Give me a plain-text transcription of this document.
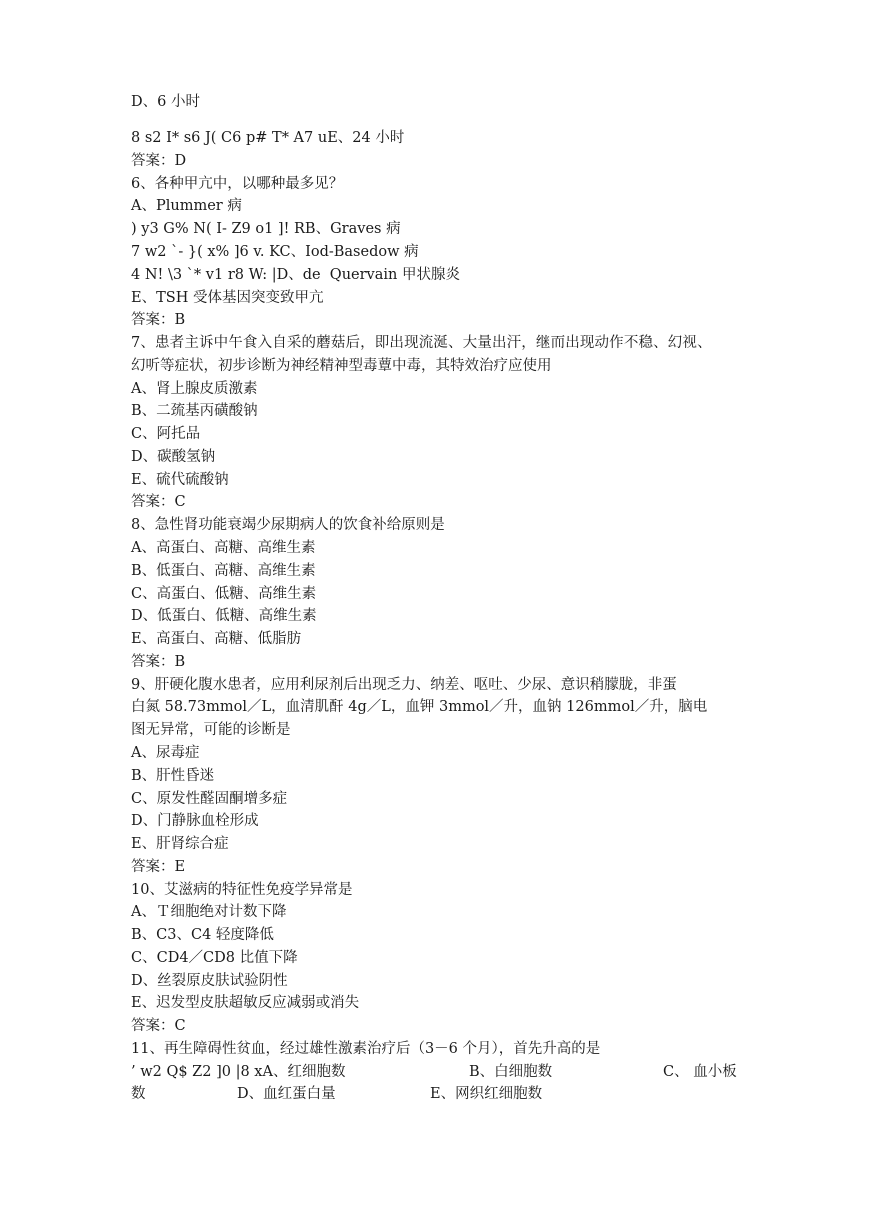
D、6 小时
8 s2 I* s6 J( C6 p# T* A7 uE、24 小时
答案：D
6、各种甲亢中，以哪种最多见？
A、Plummer 病
) y3 G% N( I- Z9 o1 ]! RB、Graves 病
7 w2 `- }( x% ]6 v. KC、Iod-Basedow 病
4 N! \3 `* v1 r8 W: |D、de  Quervain 甲状腺炎
E、TSH 受体基因突变致甲亢
答案：B
7、患者主诉中午食入自采的蘑菇后，即出现流涎、大量出汗，继而出现动作不稳、幻视、
幻听等症状，初步诊断为神经精神型毒蕈中毒，其特效治疗应使用
A、肾上腺皮质激素
B、二巯基丙磺酸钠
C、阿托品
D、碳酸氢钠
E、硫代硫酸钠
答案：C
8、急性肾功能衰竭少尿期病人的饮食补给原则是
A、高蛋白、高糖、高维生素
B、低蛋白、高糖、高维生素
C、高蛋白、低糖、高维生素
D、低蛋白、低糖、高维生素
E、高蛋白、高糖、低脂肪
答案：B
9、肝硬化腹水患者，应用利尿剂后出现乏力、纳差、呕吐、少尿、意识稍朦胧，非蛋
白氮 58.73mmol／L，血清肌酐 4g／L，血钾 3mmol／升，血钠 126mmol／升，脑电
图无异常，可能的诊断是
A、尿毒症
B、肝性昏迷
C、原发性醛固酮增多症
D、门静脉血栓形成
E、肝肾综合症
答案：E
10、艾滋病的特征性免疫学异常是
A、Ｔ细胞绝对计数下降
B、C3、C4 轻度降低
C、CD4／CD8 比值下降
D、丝裂原皮肤试验阴性
E、迟发型皮肤超敏反应减弱或消失
答案：C
11、再生障碍性贫血，经过雄性激素治疗后（3－6 个月），首先升高的是
’ w2 Q$ Z2 ]0 |8 xA、红细胞数	B、白细胞数	C、 血小板
数	D、血红蛋白量	E、网织红细胞数
